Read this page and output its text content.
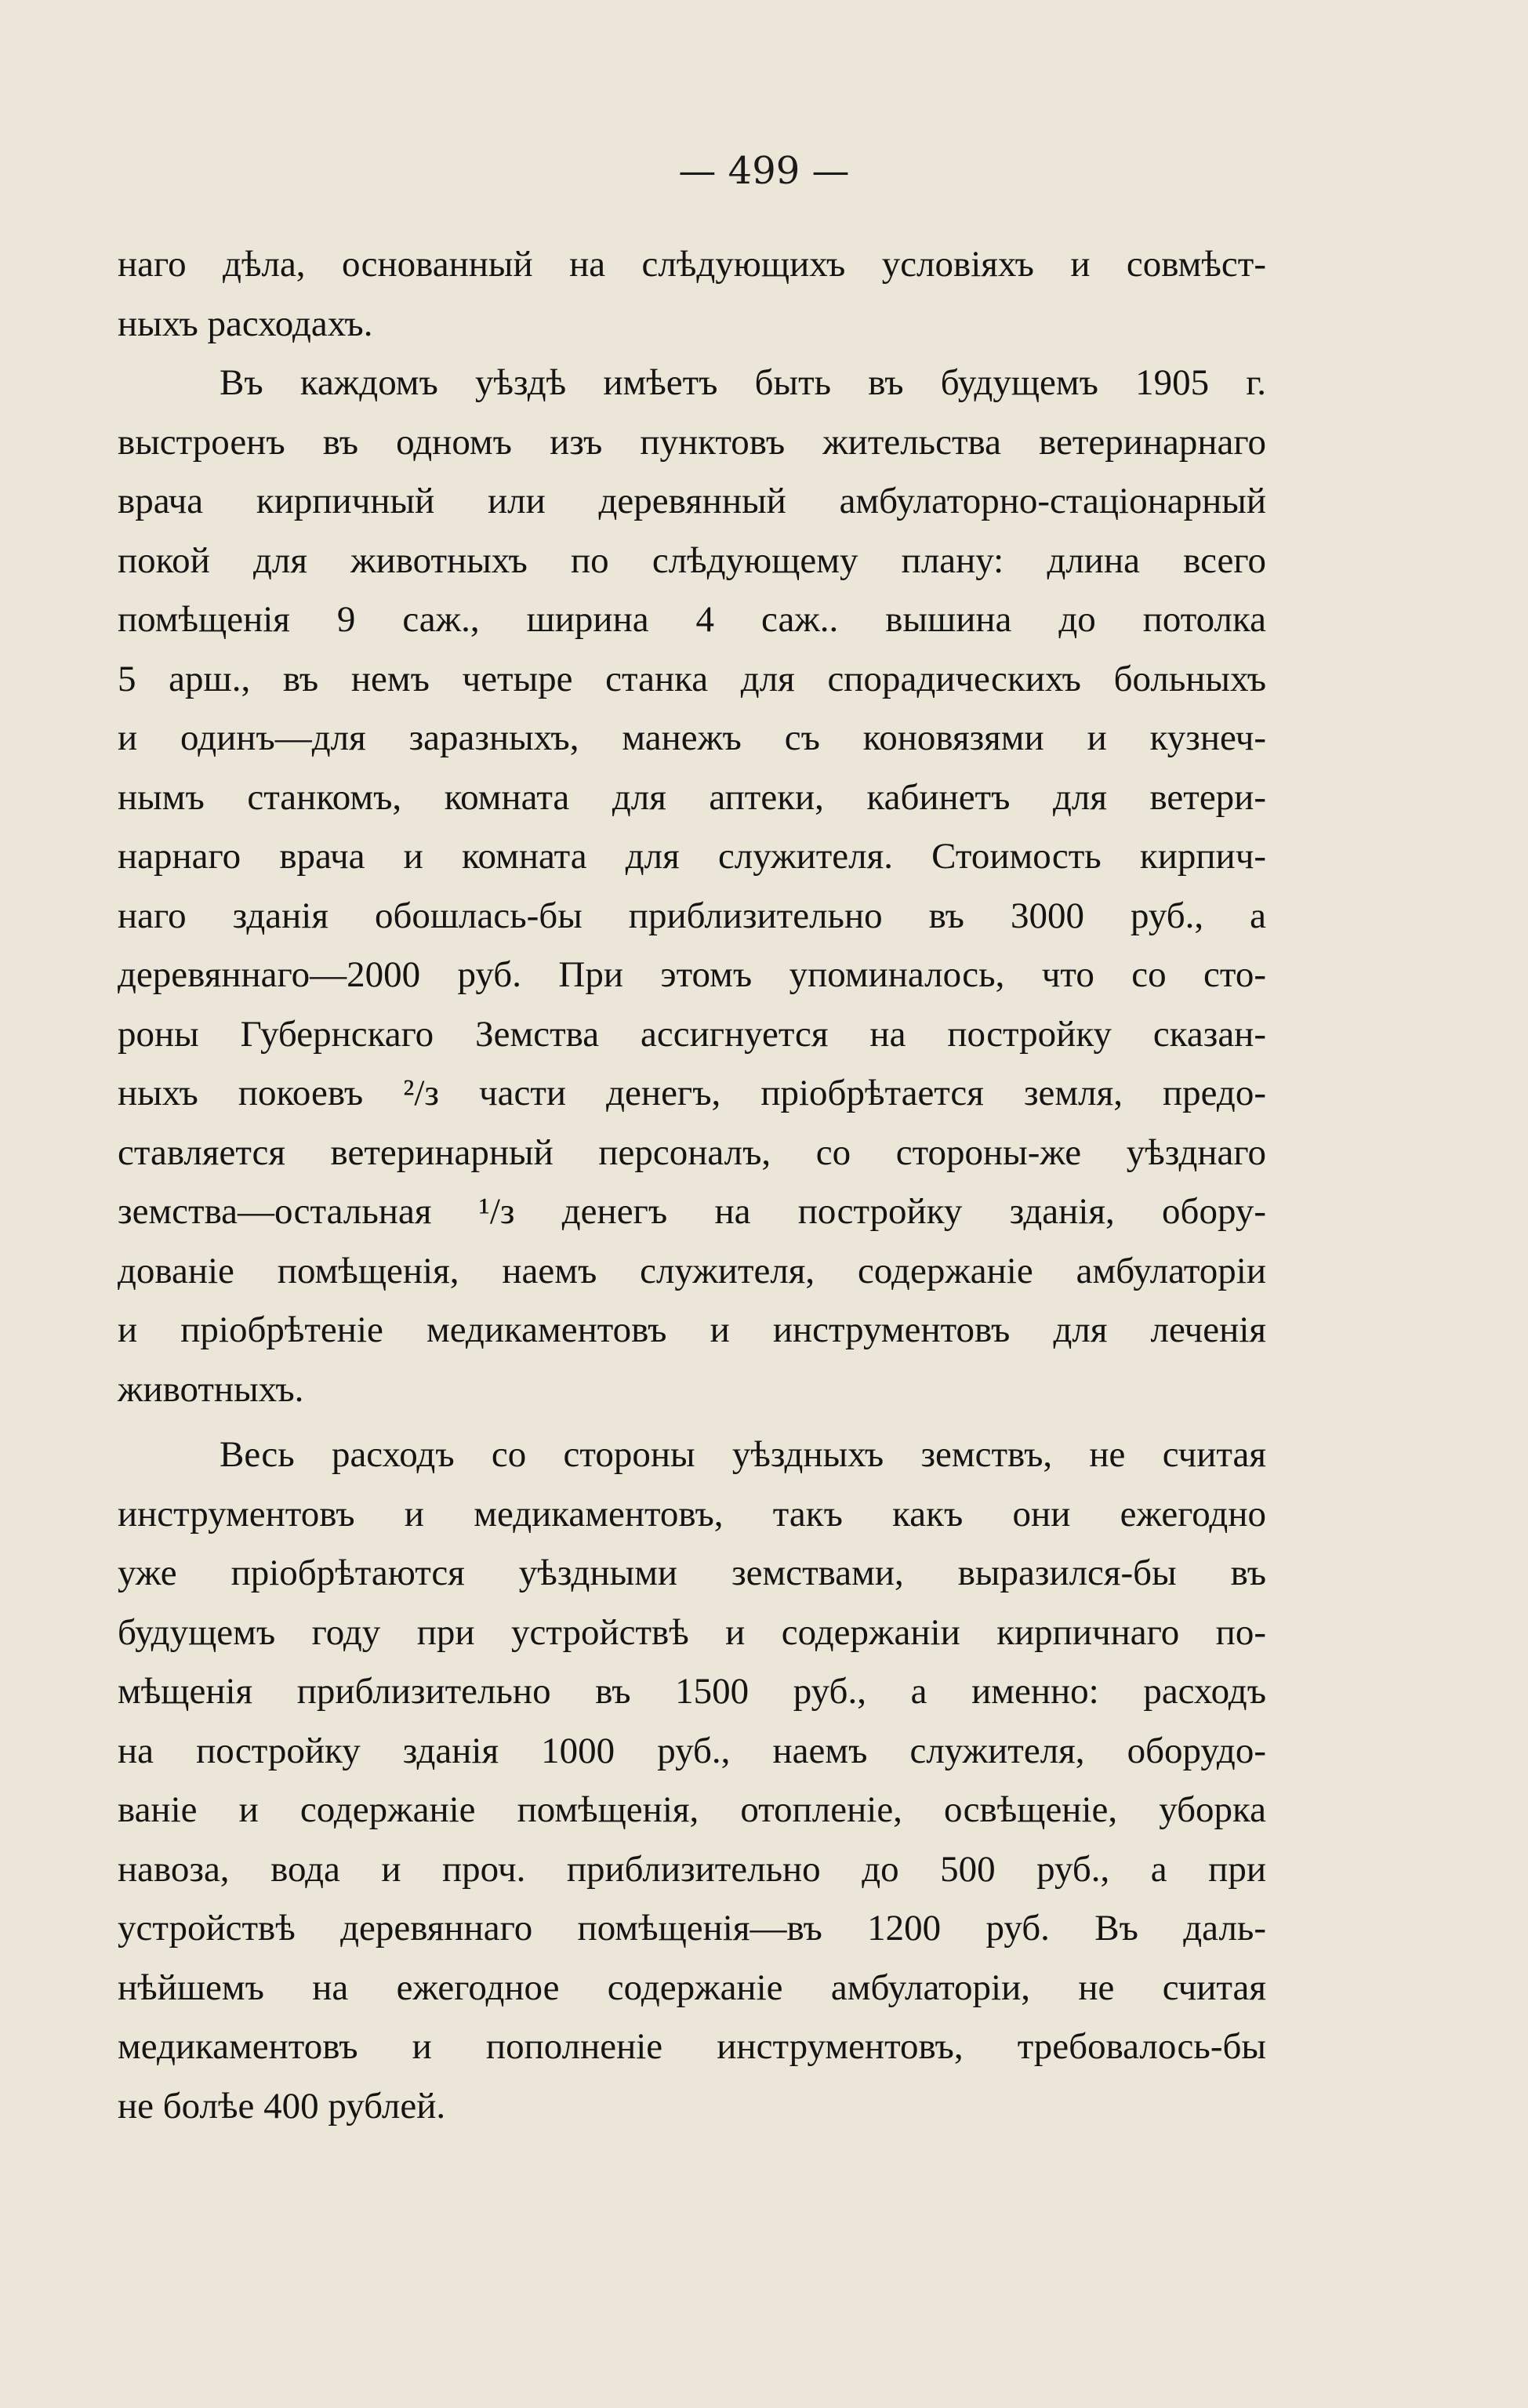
— 499 —
наго дѣла, основанный на слѣдующихъ условіяхъ и совмѣст-
ныхъ расходахъ.
Въ каждомъ уѣздѣ имѣетъ быть въ будущемъ 1905 г.
выстроенъ въ одномъ изъ пунктовъ жительства ветеринарнаго
врача кирпичный или деревянный амбулаторно-стаціонарный
покой для животныхъ по слѣдующему плану: длина всего
помѣщенія 9 саж., ширина 4 саж.. вышина до потолка
5 арш., въ немъ четыре станка для спорадическихъ больныхъ
и одинъ—для заразныхъ, манежъ съ коновязями и кузнеч-
нымъ станкомъ, комната для аптеки, кабинетъ для ветери-
нарнаго врача и комната для служителя. Стоимость кирпич-
наго зданія обошлась-бы приблизительно въ 3000 руб., а
деревяннаго—2000 руб. При этомъ упоминалось, что со сто-
роны Губернскаго Земства ассигнуется на постройку сказан-
ныхъ покоевъ ²/з части денегъ, пріобрѣтается земля, предо-
ставляется ветеринарный персоналъ, со стороны-же уѣзднаго
земства—остальная ¹/з денегъ на постройку зданія, обору-
дованіе помѣщенія, наемъ служителя, содержаніе амбулаторіи
и пріобрѣтеніе медикаментовъ и инструментовъ для леченія
животныхъ.
Весь расходъ со стороны уѣздныхъ земствъ, не считая
инструментовъ и медикаментовъ, такъ какъ они ежегодно
уже пріобрѣтаются уѣздными земствами, выразился-бы въ
будущемъ году при устройствѣ и содержаніи кирпичнаго по-
мѣщенія приблизительно въ 1500 руб., а именно: расходъ
на постройку зданія 1000 руб., наемъ служителя, оборудо-
ваніе и содержаніе помѣщенія, отопленіе, освѣщеніе, уборка
навоза, вода и проч. приблизительно до 500 руб., а при
устройствѣ деревяннаго помѣщенія—въ 1200 руб. Въ даль-
нѣйшемъ на ежегодное содержаніе амбулаторіи, не считая
медикаментовъ и пополненіе инструментовъ, требовалось-бы
не болѣе 400 рублей.
